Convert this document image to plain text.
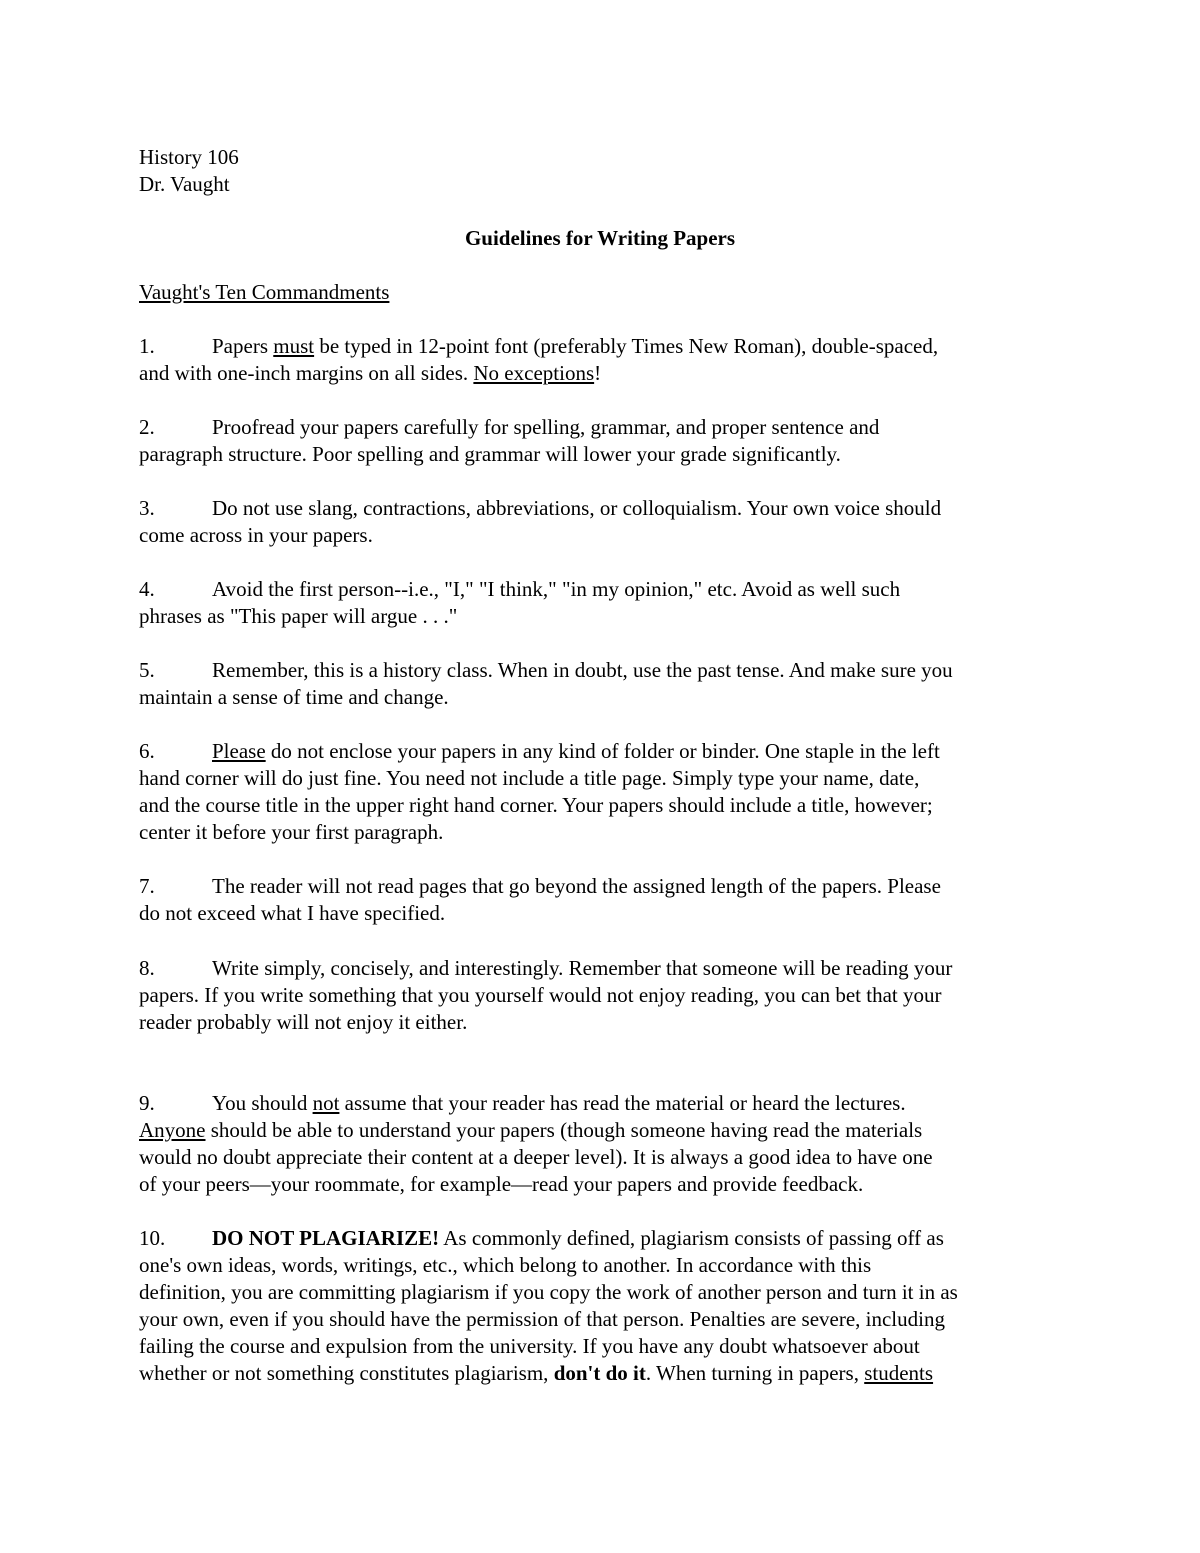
History 106
Dr. Vaught
Guidelines for Writing Papers
Vaught's Ten Commandments
1.	Papers must be typed in 12-point font (preferably Times New Roman), double-spaced,
and with one-inch margins on all sides. No exceptions!
2.	Proofread your papers carefully for spelling, grammar, and proper sentence and
paragraph structure. Poor spelling and grammar will lower your grade significantly.
3.	Do not use slang, contractions, abbreviations, or colloquialism. Your own voice should
come across in your papers.
4.	Avoid the first person--i.e., "I," "I think," "in my opinion," etc. Avoid as well such
phrases as "This paper will argue . . ."
5.	Remember, this is a history class. When in doubt, use the past tense. And make sure you
maintain a sense of time and change.
6.	Please do not enclose your papers in any kind of folder or binder. One staple in the left
hand corner will do just fine. You need not include a title page. Simply type your name, date,
and the course title in the upper right hand corner. Your papers should include a title, however;
center it before your first paragraph.
7.	The reader will not read pages that go beyond the assigned length of the papers. Please
do not exceed what I have specified.
8.	Write simply, concisely, and interestingly. Remember that someone will be reading your
papers. If you write something that you yourself would not enjoy reading, you can bet that your
reader probably will not enjoy it either.
9.	You should not assume that your reader has read the material or heard the lectures.
Anyone should be able to understand your papers (though someone having read the materials
would no doubt appreciate their content at a deeper level). It is always a good idea to have one
of your peers—your roommate, for example—read your papers and provide feedback.
10. DO NOT PLAGIARIZE! As commonly defined, plagiarism consists of passing off as
one's own ideas, words, writings, etc., which belong to another. In accordance with this
definition, you are committing plagiarism if you copy the work of another person and turn it in as
your own, even if you should have the permission of that person. Penalties are severe, including
failing the course and expulsion from the university. If you have any doubt whatsoever about
whether or not something constitutes plagiarism, don't do it. When turning in papers, students
